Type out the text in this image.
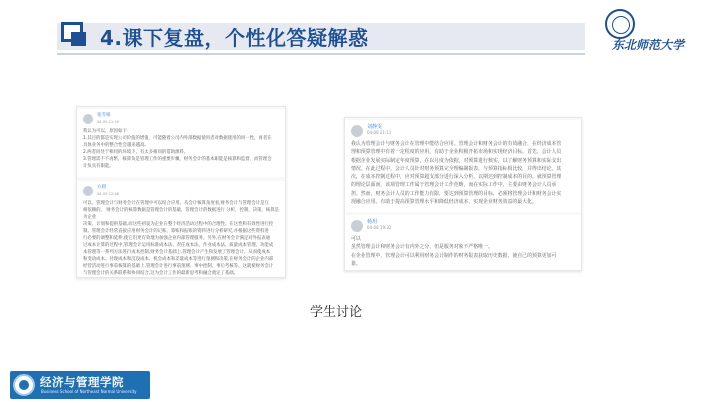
4.课下复盘，个性化答疑解惑	东北师范大学
张雪娟
04-09 11:19

我认为可以，原因如下：

1.其目的都是实现公司价值的增值，可能随着公司内外部数据使用者对数据使用的同一性，再者在

具体业务中的整合性会越来越高。

2.两者同处于相同的环境下，有太多相同的借助源料。

3.管理需不不再繁，核算负是管理工作的重要步骤，财务会计的基本职能是核算和监督，而管理会

计负具有职能。

方圆
04-09 12:48

可以，管理会计与财务会计在管理中可以结合应用。从会计核算角度看,财务会计与管理会计是互

相依赖的。 财务会计的核算数据是管理会计的基础，管理会计的数据进行 分析，控制，决策，核算是为企业

决策、计划和提供基础,而这些初衷为企业在整个经济活动过程中的合理性。在这性和有效性进行控

制。管理会计经常直接应用财务会计的记账、算账和报账的资料进行分析研究,并根据这些资料进

行必要的调整和延伸,使它们更有效地为加强企业内部管理服务。另外,在财务会计满足对外报表通

过成本计算的过程中,管理会计运用标准成本法、责任成本法、作业成本法、质量成本管理、功能成

本管理等一系列方法进行成本控制,财务会计基础上,管理会计产生和发展了管理会计，从而使成本

和变动成本、付现成本和沉没成本、机会成本和差量成本等进行预测和决策,在财务会计的企业内部

经营活动进行事前核算的基础上,管理会计进行事前预测、事中控制、事后考核等。这就使财务会计

与管理会计的关系联系和协同结合,这为会计工作的最新思考和融合奠定了基础。

刘静雯
04-08 21:11

我认为管理会计与财务会计在管理中能结合应用。管理会计和财务会计的有效融合，在经济成本管

理和预算管理中有着一定程度的应用，有助于企业积极开拓市场和实现经济目标。首先，会计人员

根据企业发展实际制定年度预算，在以月度为依据，对预算进行核实，以了解财务预算和实际支出

情况。在此过程中，会计人员针对财务预算完全理编制报表，与预算指标相比较，并得出结论。其

次，在成本控制过程中，应对预算超支部分进行深入分析，以期达到控制成本的目的。就预算管理

的理论层面而，该项管理工作属于管理会计工作范畴，而在实际工作中，主要由财务会计人员承

担。然而，财务会计人员的工作能力有限，要达到预算管理的目标，必须将管理会计和财务会计实

现融合应用。有助于提高预算管理水平和降低经济成本，实现企业财务效益的最大化。

杨玥
04-08 19:32

可以

虽然管理会计和财务会计有内外之分，但是服务对象不严格唯一。

在企业管理中，管理会计可以利用财务会计制作的财务报表获取历史数据，使自己的预算更加可

靠。

学生讨论
经济与管理学院
Business School of Northeast Normal University
